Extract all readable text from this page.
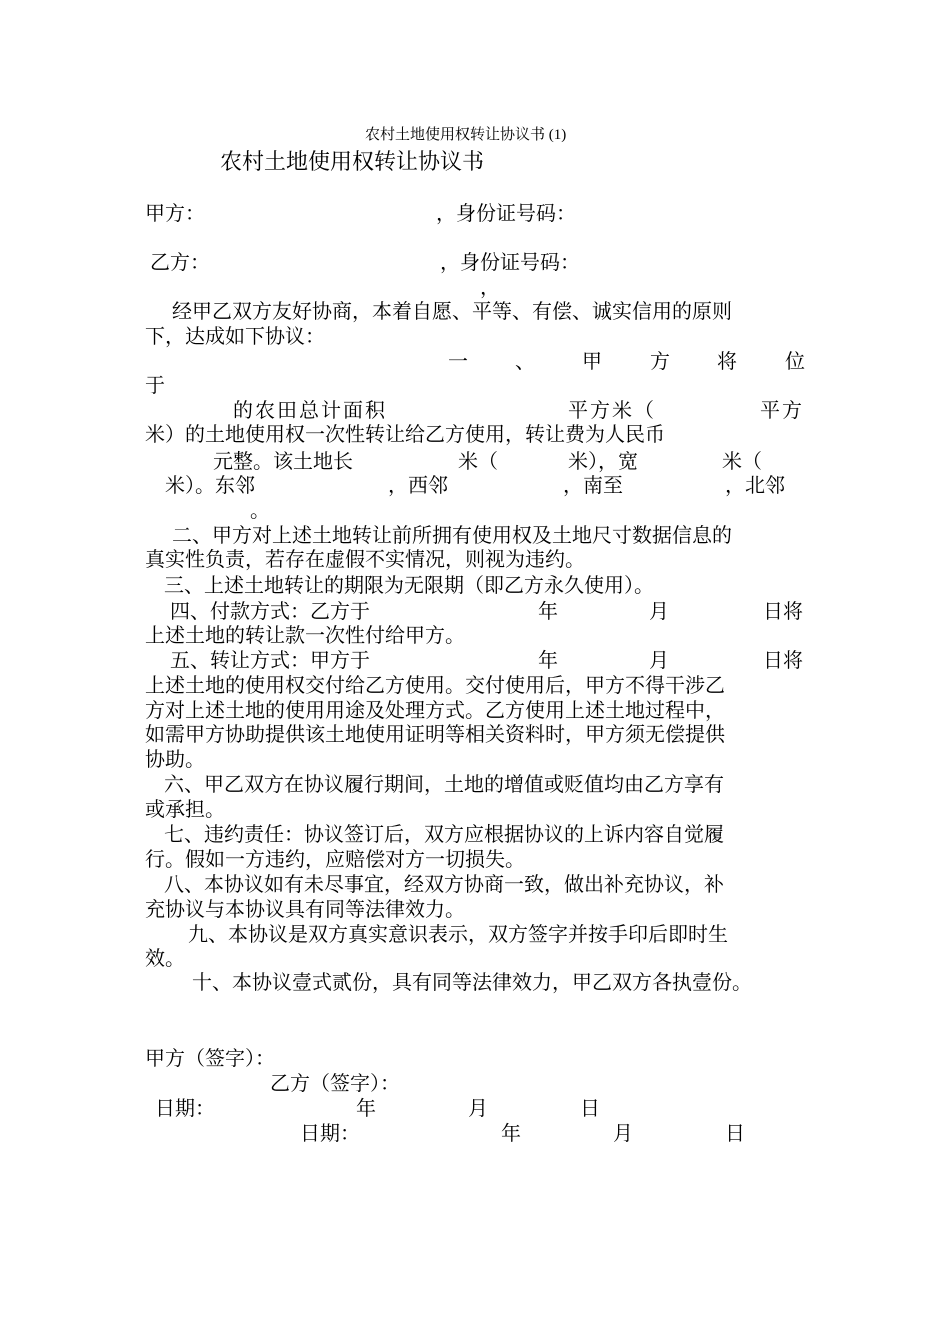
农村土地使用权转让协议书 (1)
农村土地使用权转让协议书
甲方：	，身份证号码：
乙方：	，身份证号码：
，
经甲乙双方友好协商，本着自愿、平等、有偿、诚实信用的原则
下，达成如下协议：
一 、 甲 方 将 位
于
的农田总计面积	平方米（	平方
米）的土地使用权一次性转让给乙方使用，转让费为人民币
元整。该土地长	米（	米），宽	米（
米）。东邻	，西邻	，南至	，北邻
。
二、甲方对上述土地转让前所拥有使用权及土地尺寸数据信息的
真实性负责，若存在虚假不实情况，则视为违约。
三、上述土地转让的期限为无限期（即乙方永久使用）。
四、付款方式：乙方于	年	月	日将
上述土地的转让款一次性付给甲方。
五、转让方式：甲方于	年	月	日将
上述土地的使用权交付给乙方使用。交付使用后，甲方不得干涉乙
方对上述土地的使用用途及处理方式。乙方使用上述土地过程中，
如需甲方协助提供该土地使用证明等相关资料时，甲方须无偿提供
协助。
六、甲乙双方在协议履行期间，土地的增值或贬值均由乙方享有
或承担。
七、违约责任：协议签订后，双方应根据协议的上诉内容自觉履
行。假如一方违约，应赔偿对方一切损失。
八、本协议如有未尽事宜，经双方协商一致，做出补充协议，补
充协议与本协议具有同等法律效力。
九、本协议是双方真实意识表示，双方签字并按手印后即时生
效。
十、本协议壹式贰份，具有同等法律效力，甲乙双方各执壹份。
甲方（签字）：
乙方（签字）：
日期：	年	月	日
日期：	年	月	日
